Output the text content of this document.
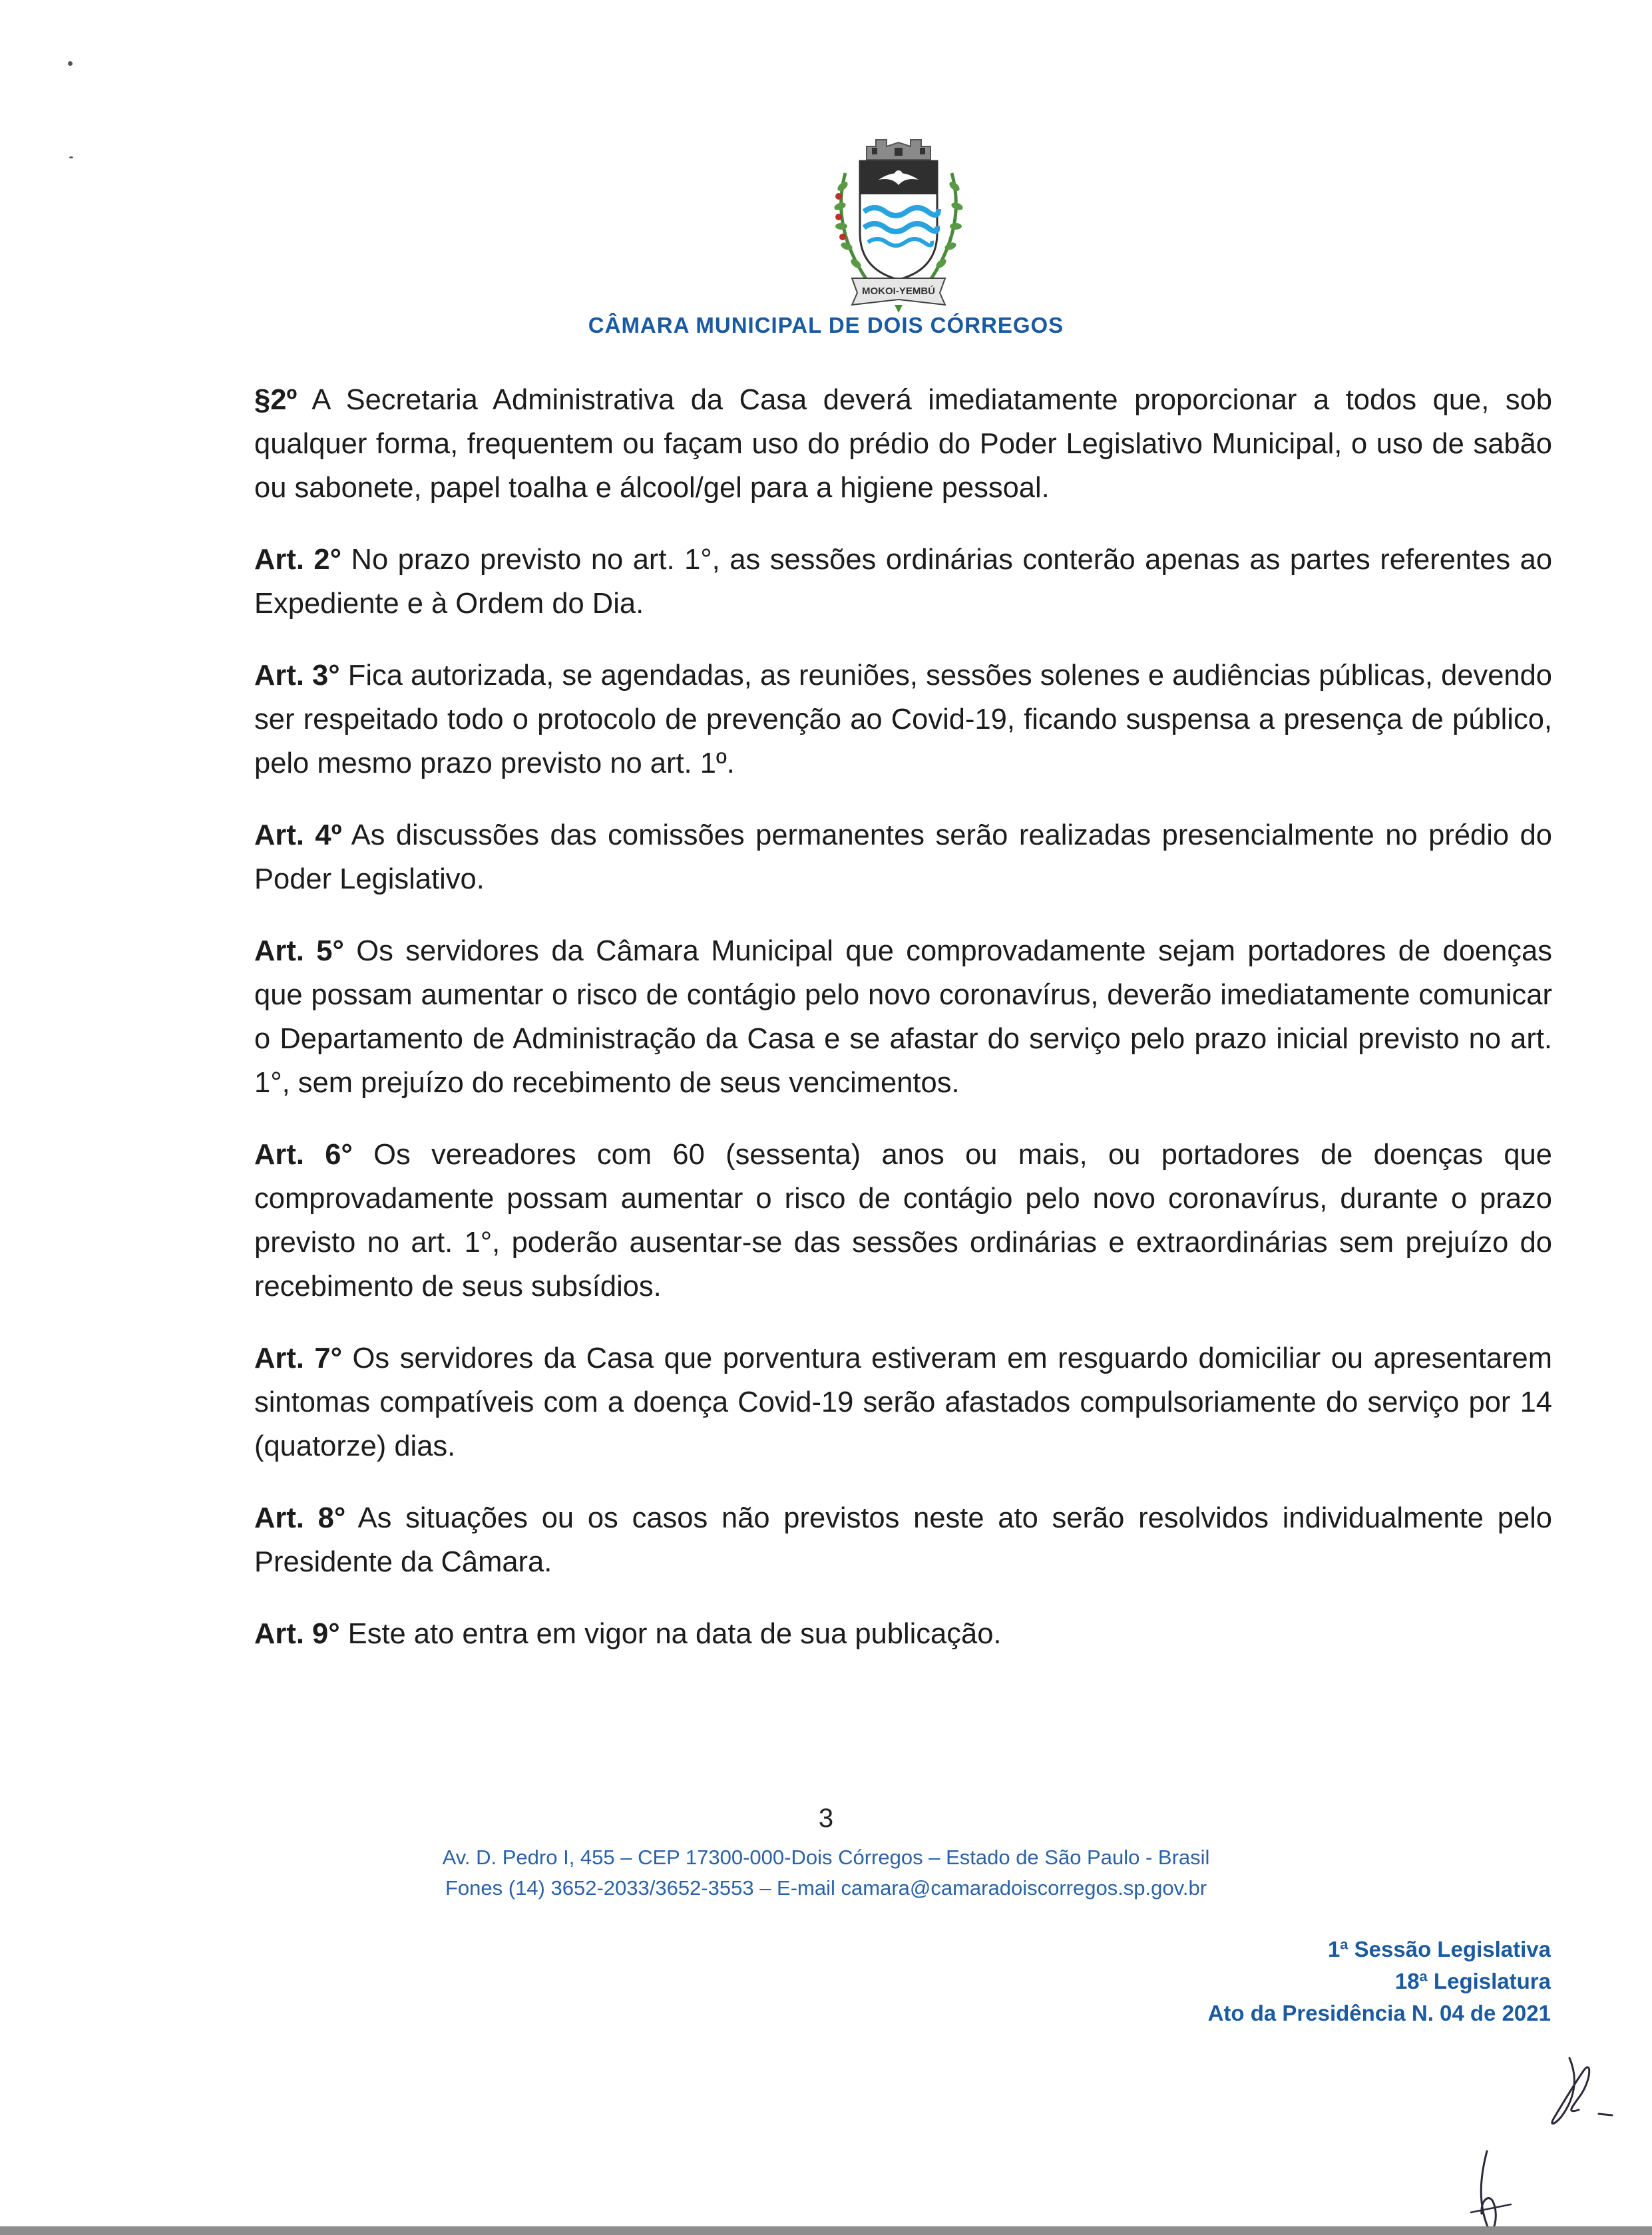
MOKOI-YEMBÚ
CÂMARA MUNICIPAL DE DOIS CÓRREGOS

§2º A Secretaria Administrativa da Casa deverá imediatamente proporcionar a todos que, sob qualquer forma, frequentem ou façam uso do prédio do Poder Legislativo Municipal, o uso de sabão ou sabonete, papel toalha e álcool/gel para a higiene pessoal.

Art. 2° No prazo previsto no art. 1°, as sessões ordinárias conterão apenas as partes referentes ao Expediente e à Ordem do Dia.

Art. 3° Fica autorizada, se agendadas, as reuniões, sessões solenes e audiências públicas, devendo ser respeitado todo o protocolo de prevenção ao Covid-19, ficando suspensa a presença de público, pelo mesmo prazo previsto no art. 1º.

Art. 4º As discussões das comissões permanentes serão realizadas presencialmente no prédio do Poder Legislativo.

Art. 5° Os servidores da Câmara Municipal que comprovadamente sejam portadores de doenças que possam aumentar o risco de contágio pelo novo coronavírus, deverão imediatamente comunicar o Departamento de Administração da Casa e se afastar do serviço pelo prazo inicial previsto no art. 1°, sem prejuízo do recebimento de seus vencimentos.

Art. 6° Os vereadores com 60 (sessenta) anos ou mais, ou portadores de doenças que comprovadamente possam aumentar o risco de contágio pelo novo coronavírus, durante o prazo previsto no art. 1°, poderão ausentar-se das sessões ordinárias e extraordinárias sem prejuízo do recebimento de seus subsídios.

Art. 7° Os servidores da Casa que porventura estiveram em resguardo domiciliar ou apresentarem sintomas compatíveis com a doença Covid-19 serão afastados compulsoriamente do serviço por 14 (quatorze) dias.

Art. 8° As situações ou os casos não previstos neste ato serão resolvidos individualmente pelo Presidente da Câmara.

Art. 9° Este ato entra em vigor na data de sua publicação.

3
Av. D. Pedro I, 455 – CEP 17300-000-Dois Córregos – Estado de São Paulo - Brasil
Fones (14) 3652-2033/3652-3553 – E-mail camara@camaradoiscorregos.sp.gov.br
1ª Sessão Legislativa
18ª Legislatura
Ato da Presidência N. 04 de 2021
